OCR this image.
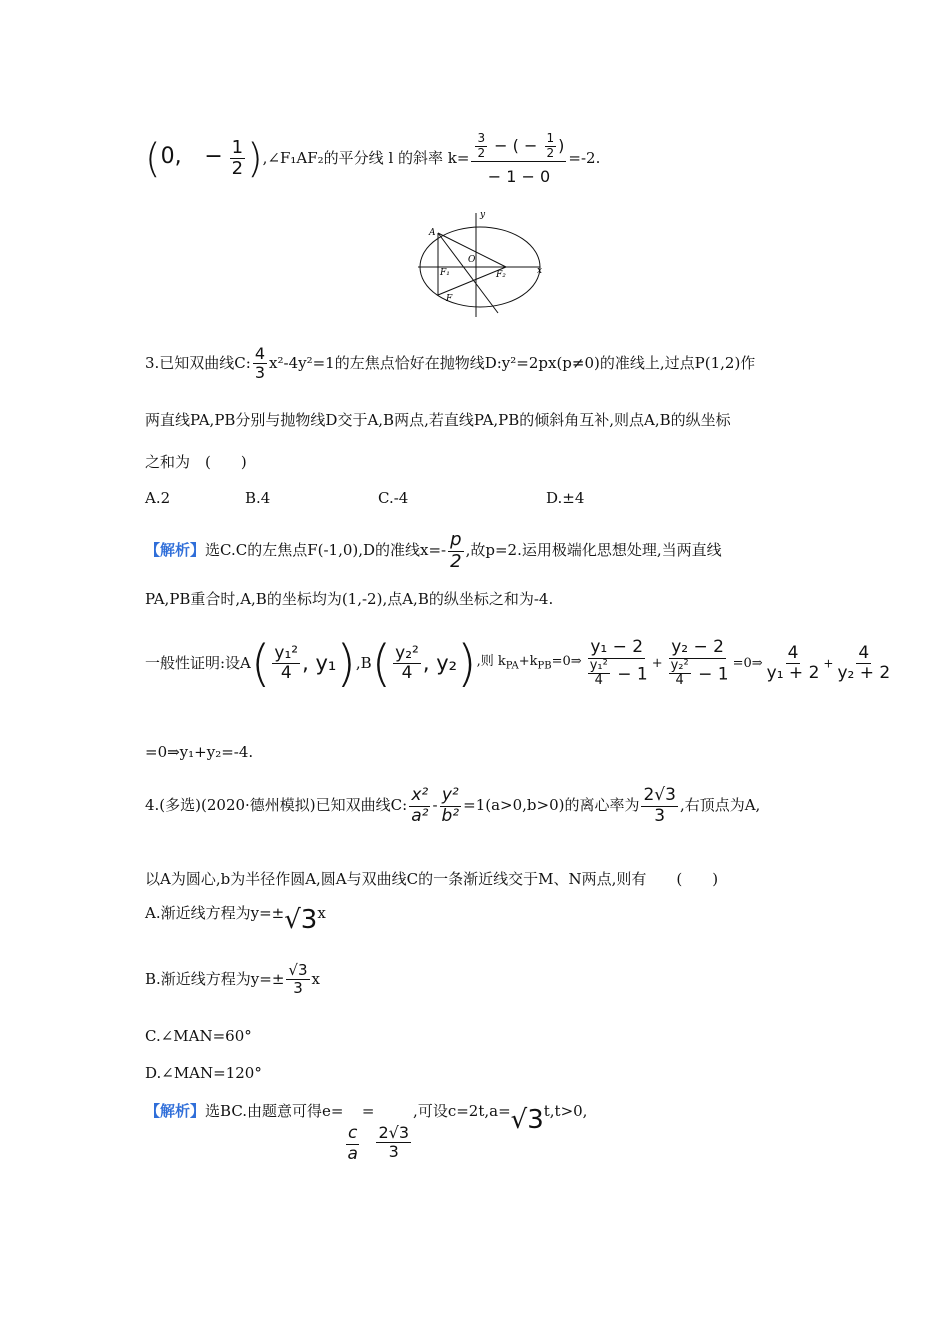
(0, − $\frac{1}{2}$ ),∠F₁AF₂的平分线 l 的斜率 $k= \frac{\frac{3}{2} - ( - \frac{1}{2} )}{- 1 - 0} =-2$.
y
x
A
O
F₁	F₂
F
3.已知双曲线C: $\frac{4}{3} x^2-4y^2=1$的左焦点恰好在抛物线D:y²=2px(p≠0)的准线上,过点P(1,2)作
两直线PA,PB分别与抛物线D交于A,B两点,若直线PA,PB的倾斜角互补,则点A,B的纵坐标
之和为　(　　)
A.2	B.4	C.-4	D.±4
【解析】选C.C的左焦点F(-1,0),D的准线$x=- \frac{p}{2}$ ,故p=2.运用极端化思想处理,当两直线
PA,PB重合时,A,B的坐标均为(1,-2),点A,B的纵坐标之和为-4.
一般性证明:设$A( \frac{\text{y₁²}}{4}$ , $y_1),B( \frac{\text{y₂²}}{4}$ , y₂),则 $k_{PA}+k_{PB}=0\Rightarrow \frac{\text{y₁ − 2}}{\frac{\text{y₁²}}{4} - 1} + \frac{\text{y₂ − 2}}{\frac{\text{y₂²}}{4} - 1}$ =0⇒ $\frac{4}{\text{y₁ + 2}} + \frac{4}{\text{y₂ + 2}}$
=0⇒y₁+y₂=-4.
4.(多选)(2020·德州模拟)已知双曲线C: $\frac{\text{x²}}{\text{a²}} - \frac{\text{y²}}{\text{b²}} =1(a>0,b>0)$的离心率为 $\frac{2√3}{3}$ ,右顶点为A,
以A为圆心,b为半径作圆A,圆A与双曲线C的一条渐近线交于M、N两点,则有　　(　　)
A.渐近线方程为y=±√3x
B.渐近线方程为$y=\pm \frac{√3}{3}$ x
C.∠MAN=60°
D.∠MAN=120°
【解析】选BC.由题意可得e=
$\frac{c}{a}$
=
$\frac{2√3}{3}$
,可设c=2t,a=√3t,t>0,
